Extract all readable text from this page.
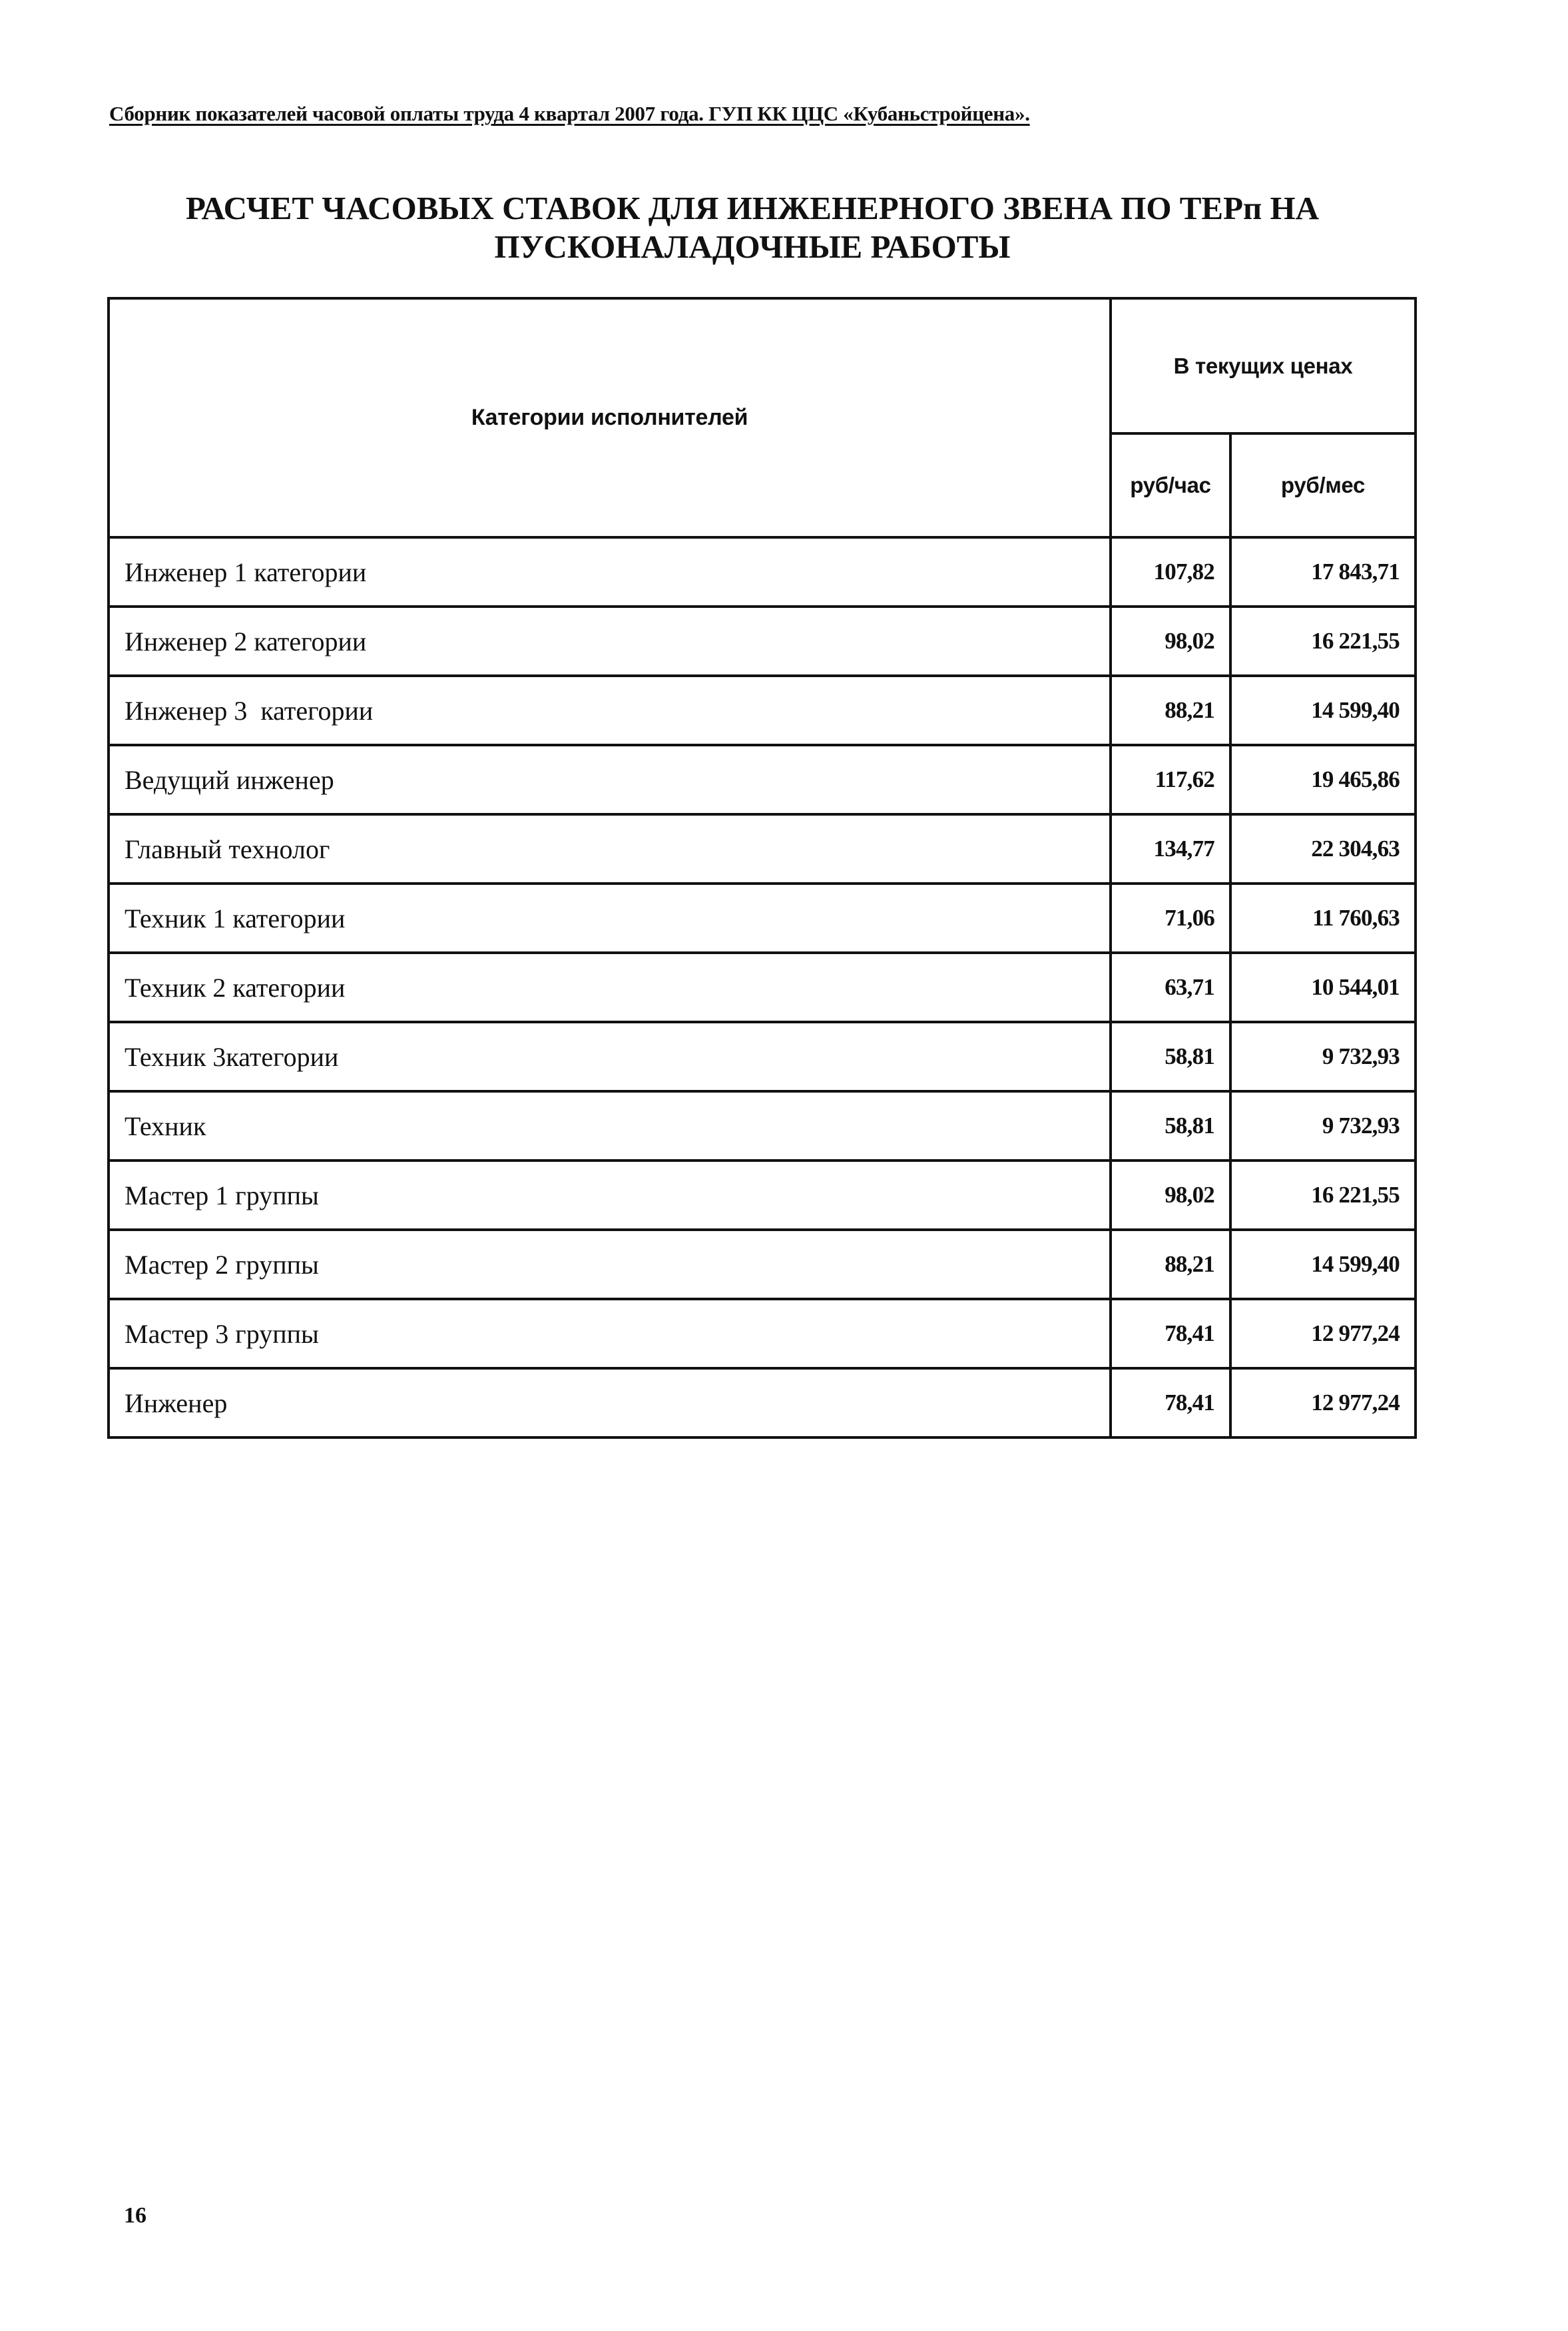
Сборник показателей часовой оплаты труда 4 квартал 2007 года. ГУП КК ЦЦС «Кубаньстройцена».
РАСЧЕТ ЧАСОВЫХ СТАВОК ДЛЯ ИНЖЕНЕРНОГО ЗВЕНА ПО ТЕРп НА
ПУСКОНАЛАДОЧНЫЕ РАБОТЫ
Категории исполнителей	В текущих ценах	
	руб/час	руб/мес
Инженер 1 категории	107,82	17 843,71
Инженер 2 категории	98,02	16 221,55
Инженер 3  категории	88,21	14 599,40
Ведущий инженер	117,62	19 465,86
Главный технолог	134,77	22 304,63
Техник 1 категории	71,06	11 760,63
Техник 2 категории	63,71	10 544,01
Техник 3категории	58,81	9 732,93
Техник	58,81	9 732,93
Мастер 1 группы	98,02	16 221,55
Мастер 2 группы	88,21	14 599,40
Мастер 3 группы	78,41	12 977,24
Инженер	78,41	12 977,24
16
